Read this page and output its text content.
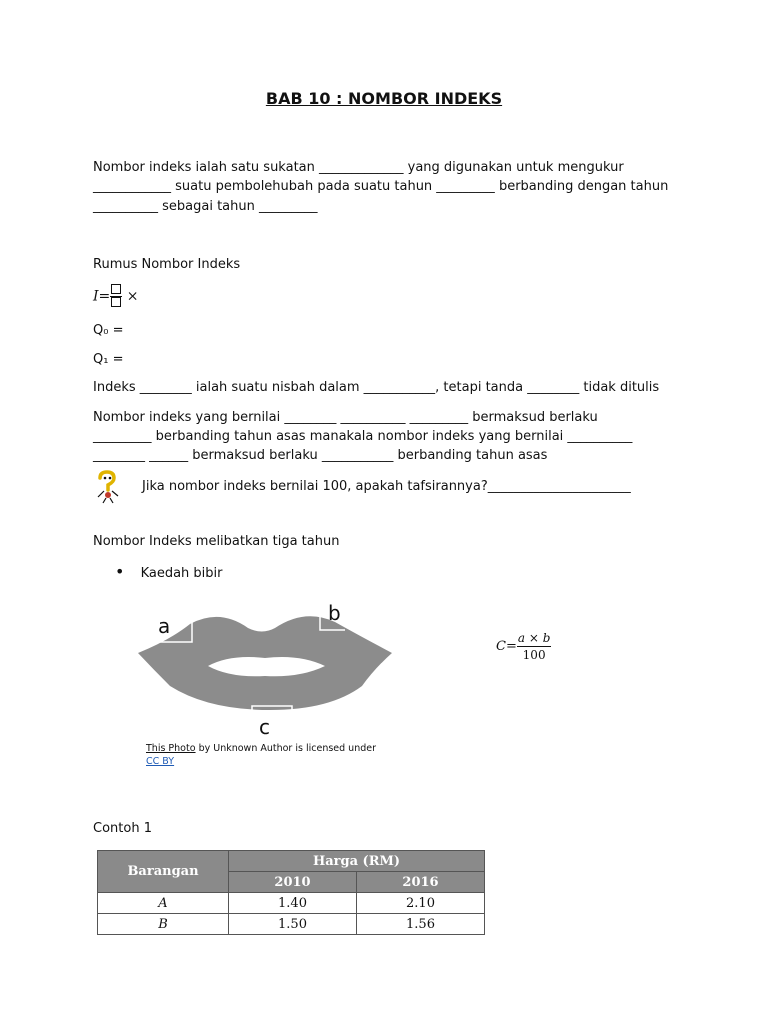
BAB 10 : NOMBOR INDEKS
Nombor indeks ialah satu sukatan _____________ yang digunakan untuk mengukur
____________ suatu pembolehubah pada suatu tahun _________ berbanding dengan tahun
__________ sebagai tahun _________
Rumus Nombor Indeks
I= ×
Q₀ =
Q₁ =
Indeks ________ ialah suatu nisbah dalam ___________, tetapi tanda ________ tidak ditulis
Nombor indeks yang bernilai ________ __________ _________ bermaksud berlaku
_________ berbanding tahun asas manakala nombor indeks yang bernilai __________
________ ______ bermaksud berlaku ___________ berbanding tahun asas
Jika nombor indeks bernilai 100, apakah tafsirannya?______________________
Nombor Indeks melibatkan tiga tahun
• Kaedah bibir
a
b
c
$C= \frac{a \times b}{100}$
This Photo by Unknown Author is licensed under
CC BY
Contoh 1
Barangan	Harga (RM)	
	2010	2016
A	1.40	2.10
B	1.50	1.56
